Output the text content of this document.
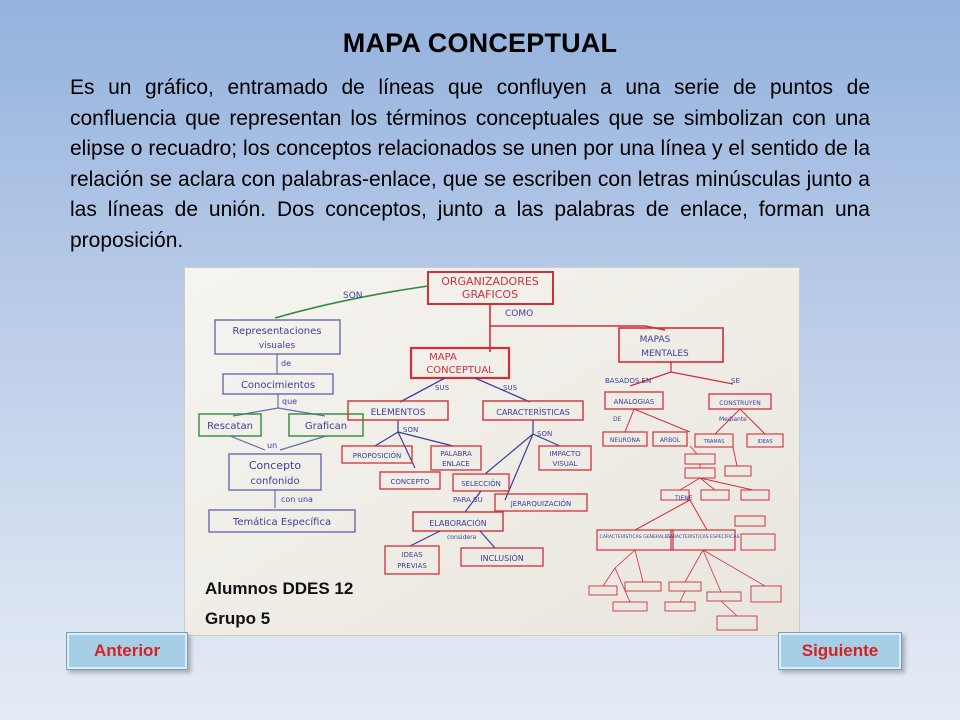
MAPA CONCEPTUAL
Es un gráfico, entramado de líneas que confluyen a una serie de puntos de confluencia que representan los términos conceptuales que se simbolizan con una elipse o recuadro; los conceptos relacionados se unen por una línea y el sentido de la relación se aclara con palabras-enlace, que se escriben con letras minúsculas junto a las líneas de unión. Dos conceptos, junto a las palabras de enlace, forman una proposición.
ORGANIZADORES
GRAFICOS
SON
COMO
Representaciones
visuales
de
Conocimientos
que
Rescatan	Grafican
un
Concepto
confonido
con una
Temática Específica
MAPA
CONCEPTUAL
SUS	SUS
ELEMENTOS	CARACTERÍSTICAS
SON	SON
PROPOSICIÓN	PALABRA
ENLACE
IMPACTO
VISUAL
CONCEPTO	SELECCIÓN
PARA SU	JERARQUIZACIÓN
ELABORACIÓN
considera
IDEAS
PREVIAS
INCLUSIÓN
MAPAS
MENTALES
BASADOS EN	SE
ANALOGIAS	CONSTRUYEN
DE	Mediante
NEURONA	ARBOL	TRAMAS	IDEAS
TIENE
CARACTERÍSTICAS GENERALES
CARACTERÍSTICAS ESPECÍFICAS
Alumnos DDES 12
Grupo 5
Anterior	Siguiente
